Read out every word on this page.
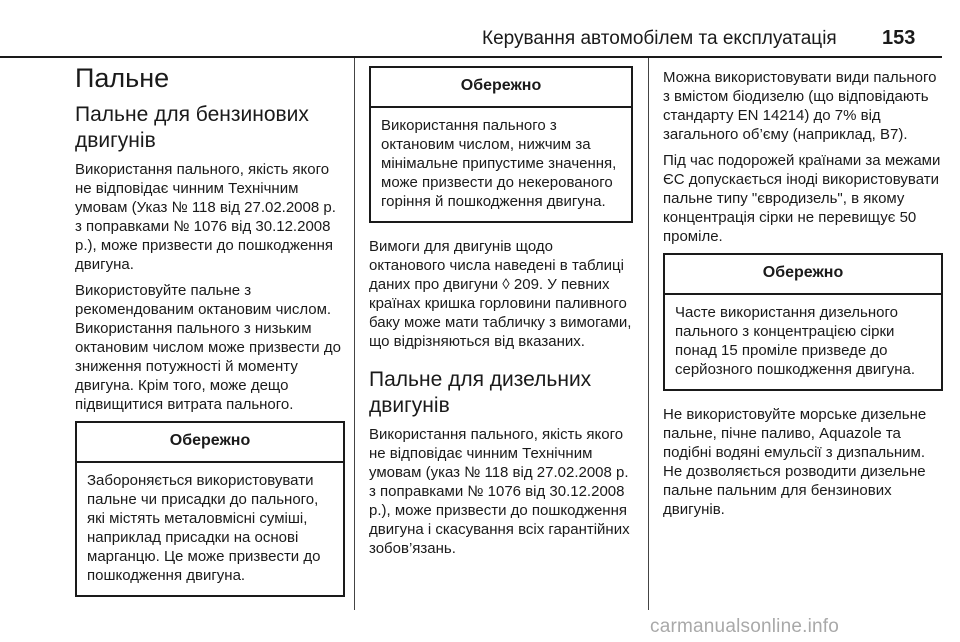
Керування автомобілем та експлуатація 153
Пальне
Пальне для бензинових двигунів

Використання пального, якість якого не відповідає чинним Технічним умовам (Указ № 118 від 27.02.2008 р. з поправками № 1076 від 30.12.2008 р.), може призвести до пошкодження двигуна.

Використовуйте пальне з рекомендованим октановим числом. Використання пального з низьким октановим числом може призвести до зниження потужності й моменту двигуна. Крім того, може дещо підвищитися витрата пального.

Обережно
Забороняється використовувати пальне чи присадки до пального, які містять металовмісні суміші, наприклад присадки на основі марганцю. Це може призвести до пошкодження двигуна.
Обережно
Використання пального з октановим числом, нижчим за мінімальне припустиме значення, може призвести до некерованого горіння й пошкодження двигуна.

Вимоги для двигунів щодо октанового числа наведені в таблиці даних про двигуни ◊ 209. У певних країнах кришка горловини паливного баку може мати табличку з вимогами, що відрізняються від вказаних.

Пальне для дизельних двигунів

Використання пального, якість якого не відповідає чинним Технічним умовам (указ № 118 від 27.02.2008 р. з поправками № 1076 від 30.12.2008 р.), може призвести до пошкодження двигуна і скасування всіх гарантійних зобов’язань.

Можна використовувати види пального з вмістом біодизелю (що відповідають стандарту EN 14214) до 7% від загального об’єму (наприклад, B7).

Під час подорожей країнами за межами ЄС допускається іноді використовувати пальне типу "євродизель", в якому концентрація сірки не перевищує 50 проміле.

Обережно
Часте використання дизельного пального з концентрацією сірки понад 15 проміле призведе до серйозного пошкодження двигуна.

Не використовуйте морське дизельне пальне, пічне паливо, Aquazole та подібні водяні емульсії з дизпальним. Не дозволяється розводити дизельне пальне пальним для бензинових двигунів.

carmanualsonline.info
